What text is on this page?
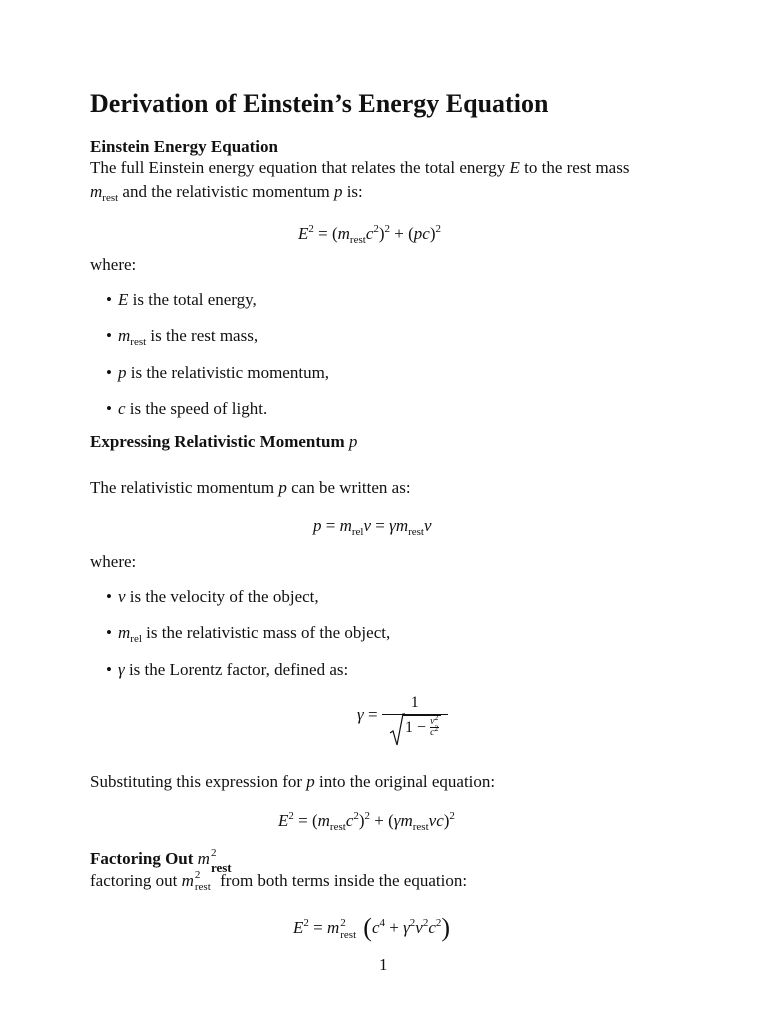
Derivation of Einstein’s Energy Equation
Einstein Energy Equation
The full Einstein energy equation that relates the total energy E to the rest mass
$m_{rest}$ and the relativistic momentum p is:
$E^2 = (m_{rest}c^2)^2 + (pc)^2$
where:
• E is the total energy,
• $m_{rest}$ is the rest mass,
• p is the relativistic momentum,
• c is the speed of light.
Expressing Relativistic Momentum p
The relativistic momentum p can be written as:
$p = m_{rel}v = \gamma m_{rest}v$
where:
• v is the velocity of the object,
• $m_{rel}$ is the relativistic mass of the object,
• γ is the Lorentz factor, defined as:
$\gamma = \frac{1}{1 - \frac{v^2}{c^2}}$
Substituting this expression for p into the original equation:
$E^2 = (m_{rest}c^2)^2 + (\gamma m_{rest}vc)^2$
Factoring Out m 2
rest
factoring out m 2
rest from both terms inside the equation:
$E^2 = m$ 2
rest $(c^4 + \gamma^2v^2c^2)$
1
